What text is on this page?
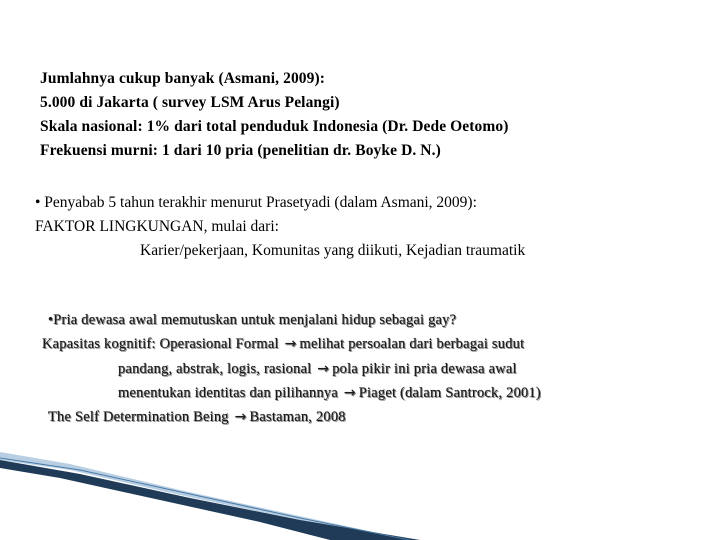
Jumlahnya cukup banyak (Asmani, 2009):
5.000 di Jakarta ( survey LSM Arus Pelangi)
Skala nasional: 1% dari total penduduk Indonesia (Dr. Dede Oetomo)
Frekuensi murni: 1 dari 10 pria (penelitian dr. Boyke D. N.)
• Penyabab 5 tahun terakhir menurut Prasetyadi (dalam Asmani, 2009):
FAKTOR LINGKUNGAN, mulai dari:
Karier/pekerjaan, Komunitas yang diikuti, Kejadian traumatik
•Pria dewasa awal memutuskan untuk menjalani hidup sebagai gay?
Kapasitas kognitif: Operasional Formal → melihat persoalan dari berbagai sudut
pandang, abstrak, logis, rasional → pola pikir ini pria dewasa awal
menentukan identitas dan pilihannya → Piaget (dalam Santrock, 2001)
The Self Determination Being → Bastaman, 2008
